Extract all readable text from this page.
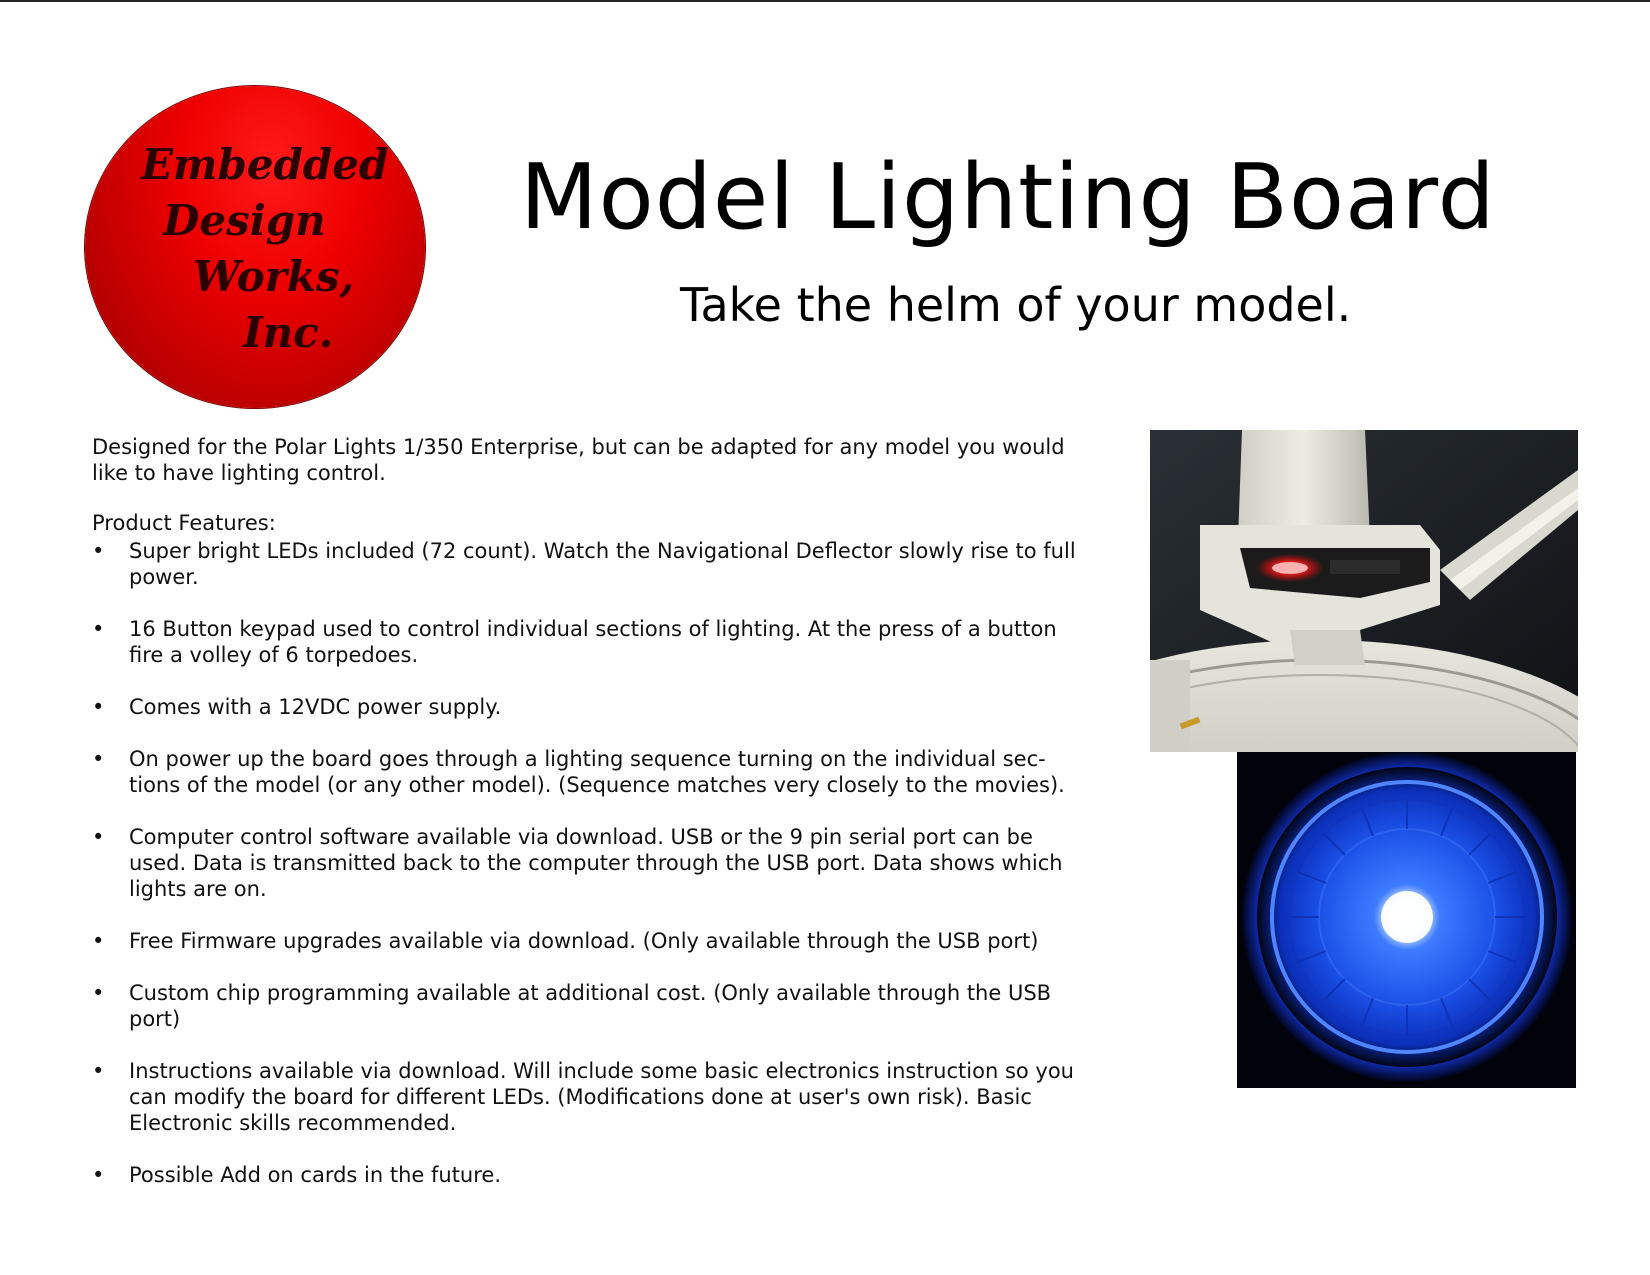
Embedded
Design
Works,
Inc.
Model Lighting Board
Take the helm of your model.

Designed for the Polar Lights 1/350 Enterprise, but can be adapted for any model you would like to have lighting control.

Product Features:

• Super bright LEDs included (72 count). Watch the Navigational Deflector slowly rise to full power.
• 16 Button keypad used to control individual sections of lighting. At the press of a button fire a volley of 6 torpedoes.
• Comes with a 12VDC power supply.
• On power up the board goes through a lighting sequence turning on the individual sec-tions of the model (or any other model). (Sequence matches very closely to the movies).
• Computer control software available via download. USB or the 9 pin serial port can be used. Data is transmitted back to the computer through the USB port. Data shows which lights are on.
• Free Firmware upgrades available via download. (Only available through the USB port)
• Custom chip programming available at additional cost. (Only available through the USB port)
• Instructions available via download. Will include some basic electronics instruction so you can modify the board for different LEDs. (Modifications done at user's own risk). Basic Electronic skills recommended.
• Possible Add on cards in the future.
